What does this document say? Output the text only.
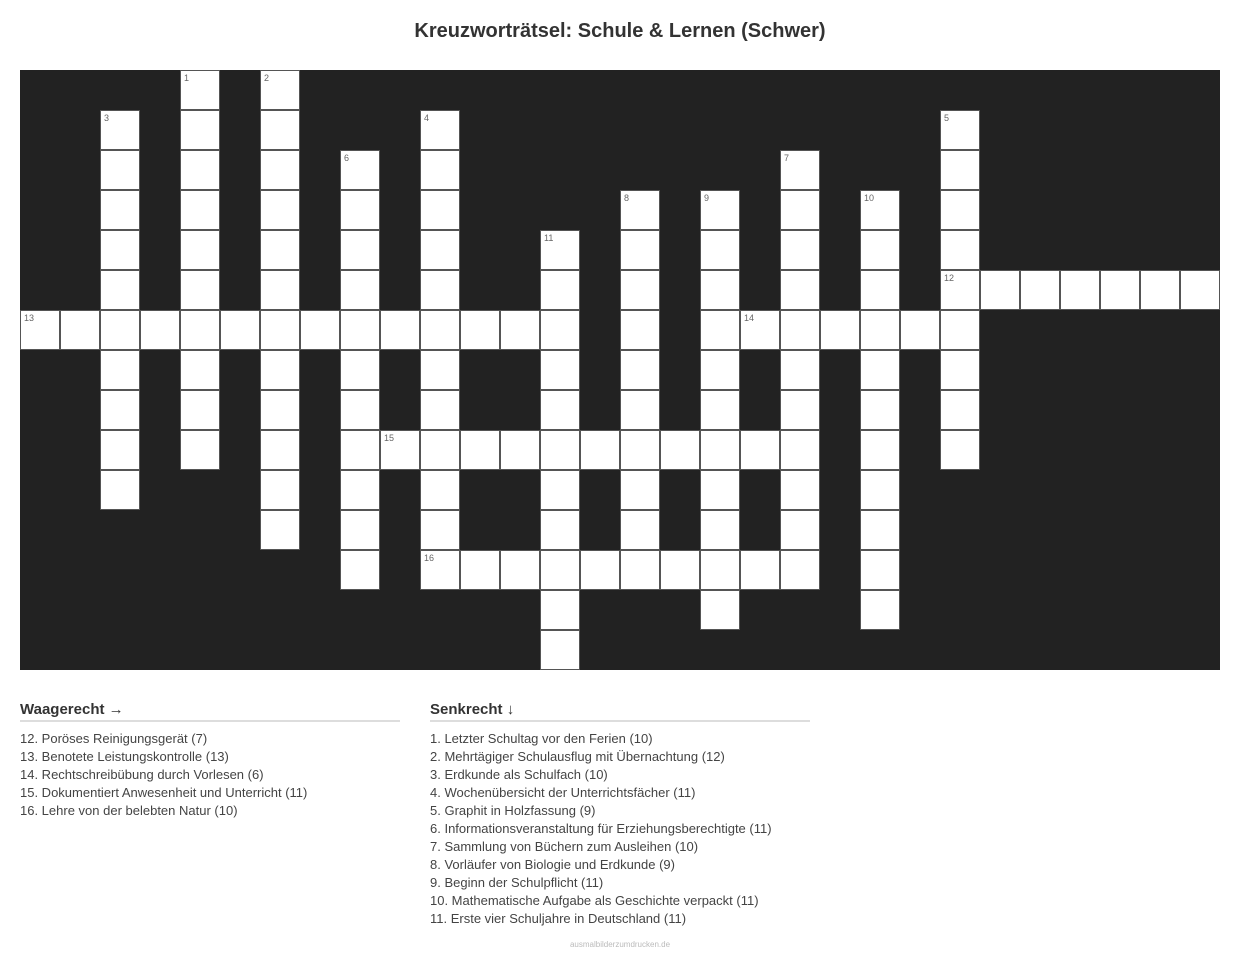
Kreuzworträtsel: Schule & Lernen (Schwer)
1	2
3	4	5
12
6	7
8	9	10
11
13	14
15
16
Waagerecht →
12. Poröses Reinigungsgerät (7)
13. Benotete Leistungskontrolle (13)
14. Rechtschreibübung durch Vorlesen (6)
15. Dokumentiert Anwesenheit und Unterricht (11)
16. Lehre von der belebten Natur (10)
Senkrecht ↓
1. Letzter Schultag vor den Ferien (10)
2. Mehrtägiger Schulausflug mit Übernachtung (12)
3. Erdkunde als Schulfach (10)
4. Wochenübersicht der Unterrichtsfächer (11)
5. Graphit in Holzfassung (9)
6. Informationsveranstaltung für Erziehungsberechtigte (11)
7. Sammlung von Büchern zum Ausleihen (10)
8. Vorläufer von Biologie und Erdkunde (9)
9. Beginn der Schulpflicht (11)
10. Mathematische Aufgabe als Geschichte verpackt (11)
11. Erste vier Schuljahre in Deutschland (11)
ausmalbilderzumdrucken.de
